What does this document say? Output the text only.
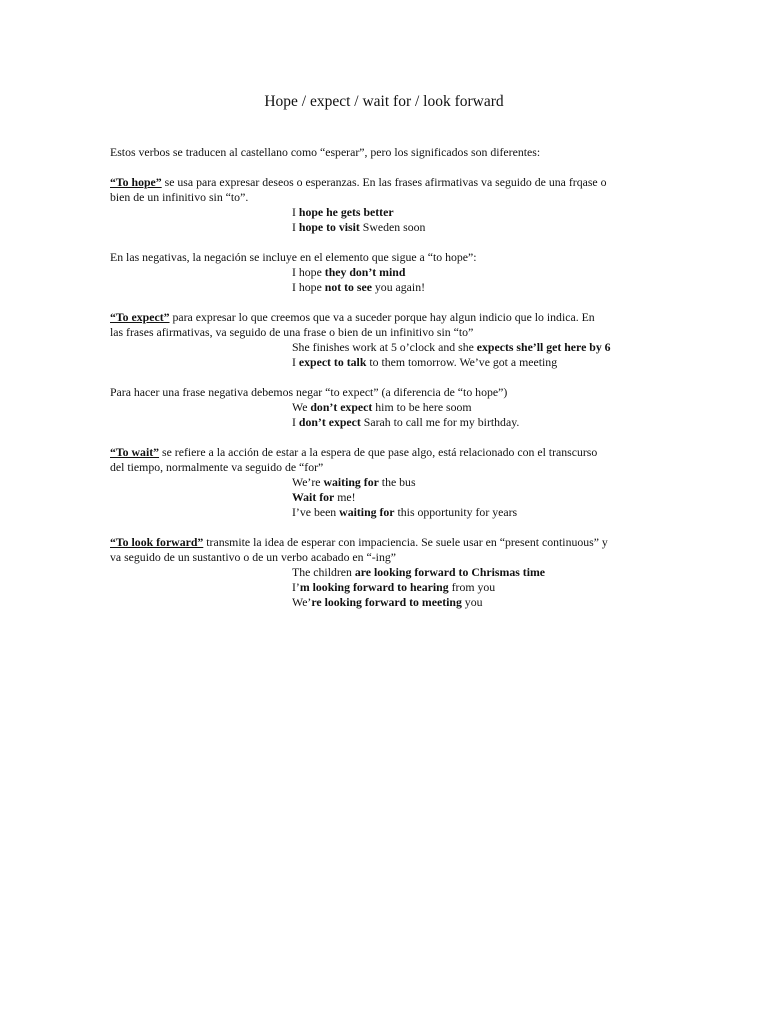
Hope / expect / wait for / look forward

Estos verbos se traducen al castellano como “esperar”, pero los significados son diferentes:

“To hope” se usa para expresar deseos o esperanzas. En las frases afirmativas va seguido de una frqase o

bien de un infinitivo sin “to”.

I hope he gets better

I hope to visit Sweden soon

En las negativas, la negación se incluye en el elemento que sigue a “to hope”:

I hope they don’t mind

I hope not to see you again!

“To expect” para expresar lo que creemos que va a suceder porque hay algun indicio que lo indica. En

las frases afirmativas, va seguido de una frase o bien de un infinitivo sin “to”

She finishes work at 5 o’clock and she expects she’ll get here by 6

I expect to talk to them tomorrow. We’ve got a meeting

Para hacer una frase negativa debemos negar “to expect” (a diferencia de “to hope”)

We don’t expect him to be here soom

I don’t expect Sarah to call me for my birthday.

“To wait” se refiere a la acción de estar a la espera de que pase algo, está relacionado con el transcurso

del tiempo, normalmente va seguido de “for”

We’re waiting for the bus

Wait for me!

I’ve been waiting for this opportunity for years

“To look forward” transmite la idea de esperar con impaciencia. Se suele usar en “present continuous” y

va seguido de un sustantivo o de un verbo acabado en “-ing”

The children are looking forward to Chrismas time

I’m looking forward to hearing from you

We’re looking forward to meeting you
